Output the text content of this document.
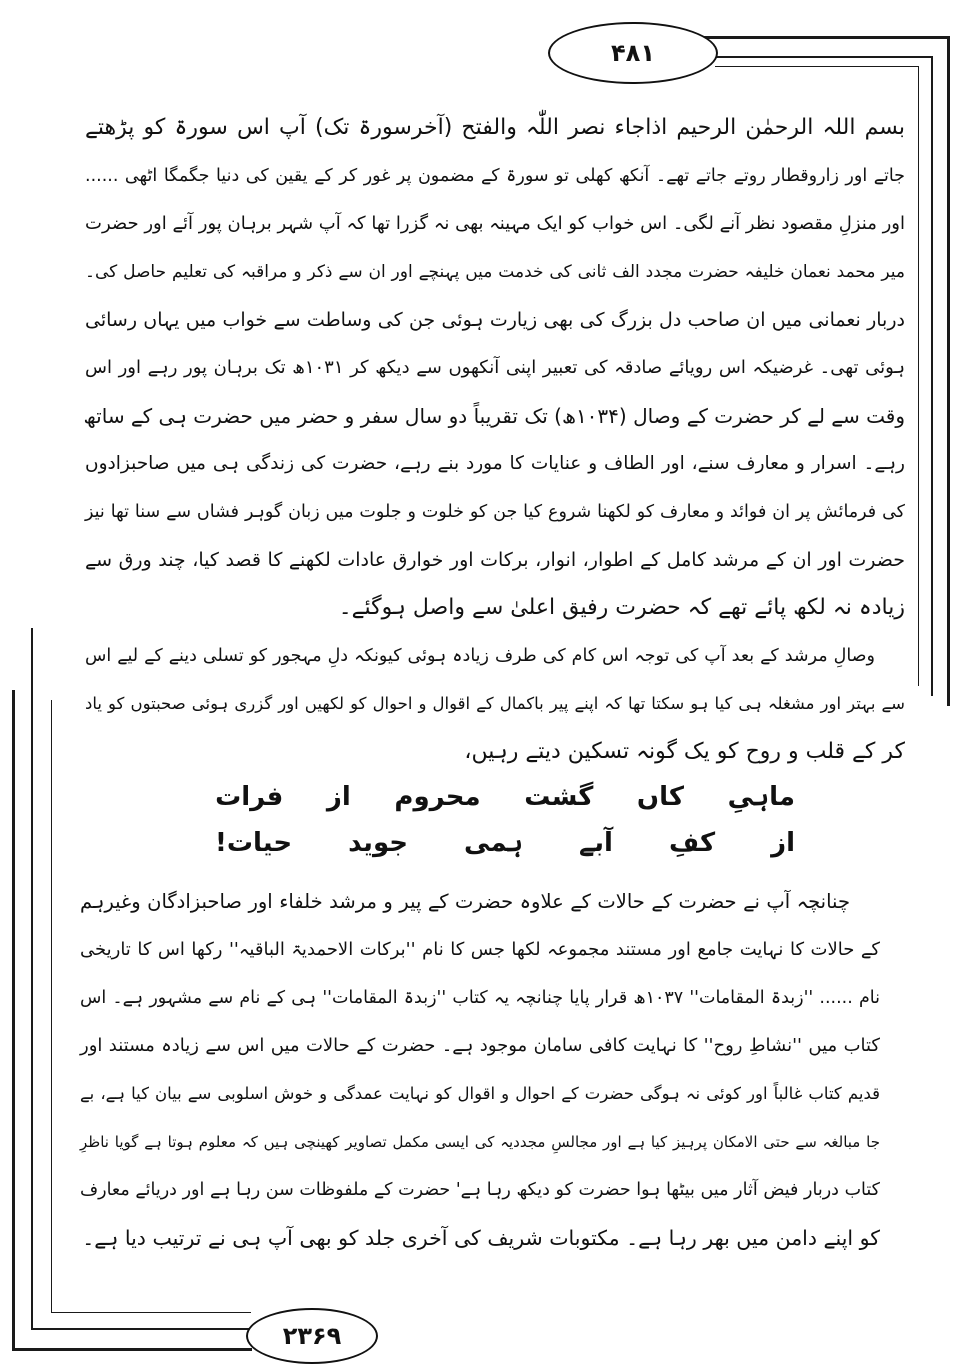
۴۸۱
۲۳۶۹
بسم اللہ الرحمٰن الرحیم اذاجاء نصر اللّٰہ والفتح (آخرسورۃ تک) آپ اس سورۃ کو پڑھتے
جاتے اور زاروقطار روتے جاتے تھے۔ آنکھ کھلی تو سورۃ کے مضمون پر غور کر کے یقین کی دنیا جگمگا اٹھی ......
اور منزلِ مقصود نظر آنے لگی۔ اس خواب کو ایک مہینہ بھی نہ گزرا تھا کہ آپ شہر برہان پور آئے اور حضرت
میر محمد نعمان خلیفہ حضرت مجدد الف ثانی کی خدمت میں پہنچے اور ان سے ذکر و مراقبہ کی تعلیم حاصل کی۔
دربار نعمانی میں ان صاحب دل بزرگ کی بھی زیارت ہوئی جن کی وساطت سے خواب میں یہاں رسائی
ہوئی تھی۔ غرضیکہ اس رویائے صادقہ کی تعبیر اپنی آنکھوں سے دیکھ کر ۱۰۳۱ھ تک برہان پور رہے اور اس
وقت سے لے کر حضرت کے وصال (۱۰۳۴ھ) تک تقریباً دو سال سفر و حضر میں حضرت ہی کے ساتھ
رہے۔ اسرار و معارف سنے، اور الطاف و عنایات کا مورد بنے رہے، حضرت کی زندگی ہی میں صاحبزادوں
کی فرمائش پر ان فوائد و معارف کو لکھنا شروع کیا جن کو خلوت و جلوت میں زبان گوہر فشاں سے سنا تھا نیز
حضرت اور ان کے مرشد کامل کے اطوار، انوار، برکات اور خوارق عادات لکھنے کا قصد کیا، چند ورق سے
زیادہ نہ لکھ پائے تھے کہ حضرت رفیق اعلیٰ سے واصل ہوگئے۔
وصالِ مرشد کے بعد آپ کی توجہ اس کام کی طرف زیادہ ہوئی کیونکہ دلِ مہجور کو تسلی دینے کے لیے اس
سے بہتر اور مشغلہ ہی کیا ہو سکتا تھا کہ اپنے پیر باکمال کے اقوال و احوال کو لکھیں اور گزری ہوئی صحبتوں کو یاد
کر کے قلب و روح کو یک گونہ تسکین دیتے رہیں،
ماہیِ
کاں
گشت
محروم
از
فرات
از
کفِ
آبے
ہمی
جوید
حیات!
چنانچہ آپ نے حضرت کے حالات کے علاوہ حضرت کے پیر و مرشد خلفاء اور صاحبزادگان وغیرہم
کے حالات کا نہایت جامع اور مستند مجموعہ لکھا جس کا نام ''برکات الاحمدیۃ الباقیہ'' رکھا اس کا تاریخی
نام ...... ''زبدۃ المقامات'' ۱۰۳۷ھ قرار پایا چنانچہ یہ کتاب ''زبدۃ المقامات'' ہی کے نام سے مشہور ہے۔ اس
کتاب میں ''نشاطِ روح'' کا نہایت کافی سامان موجود ہے۔ حضرت کے حالات میں اس سے زیادہ مستند اور
قدیم کتاب غالباً اور کوئی نہ ہوگی حضرت کے احوال و اقوال کو نہایت عمدگی و خوش اسلوبی سے بیان کیا ہے، بے
جا مبالغہ سے حتی الامکان پرہیز کیا ہے اور مجالسِ مجددیہ کی ایسی مکمل تصاویر کھینچی ہیں کہ معلوم ہوتا ہے گویا ناظرِ
کتاب دربار فیض آثار میں بیٹھا ہوا حضرت کو دیکھ رہا ہے' حضرت کے ملفوظات سن رہا ہے اور دریائے معارف
کو اپنے دامن میں بھر رہا ہے۔ مکتوبات شریف کی آخری جلد کو بھی آپ ہی نے ترتیب دیا ہے۔
